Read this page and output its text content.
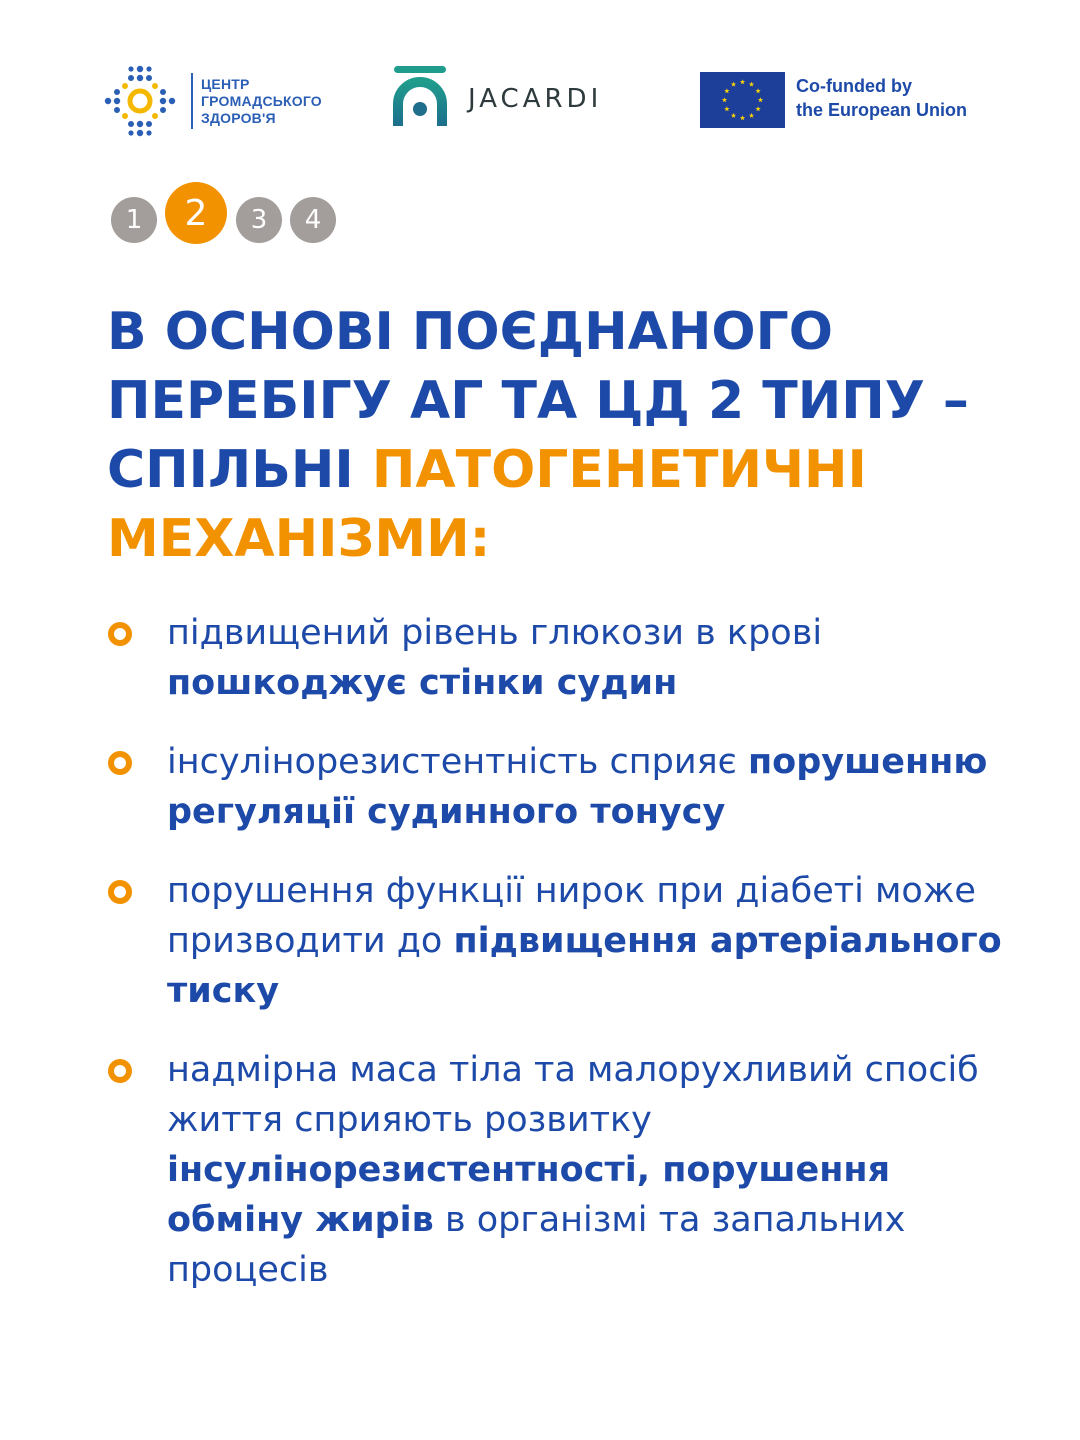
ЦЕНТР
ГРОМАДСЬКОГО
ЗДОРОВ'Я
JACARDI	Co-funded by
the European Union
1 2 3 4
В ОСНОВІ ПОЄДНАНОГО ПЕРЕБІГУ АГ ТА ЦД 2 ТИПУ – СПІЛЬНІ ПАТОГЕНЕТИЧНІ МЕХАНІЗМИ:
підвищений рівень глюкози в крові пошкоджує стінки судин
інсулінорезистентність сприяє порушенню регуляції судинного тонусу
порушення функції нирок при діабеті може призводити до підвищення артеріального тиску
надмірна маса тіла та малорухливий спосіб життя сприяють розвитку інсулінорезистентності, порушення обміну жирів в організмі та запальних процесів
